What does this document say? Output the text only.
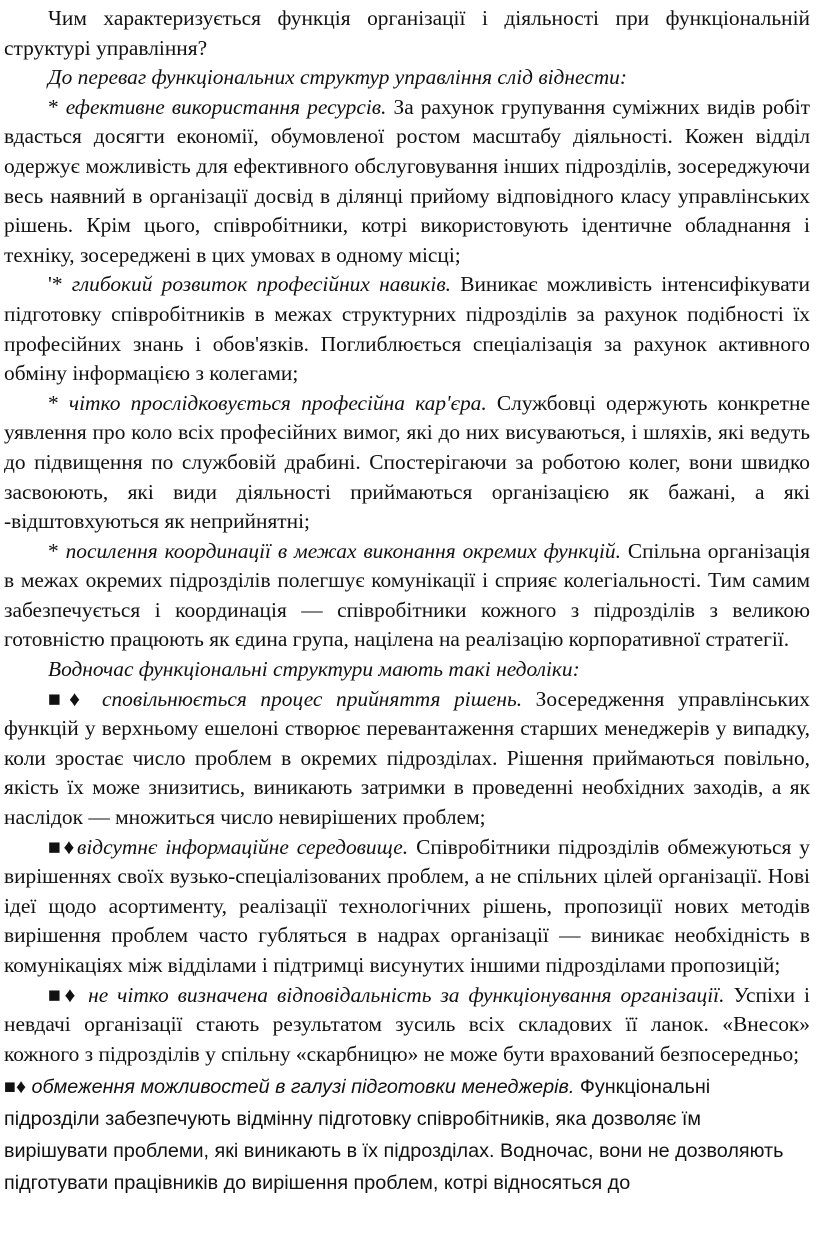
Чим характеризується функція організації і діяльності при функціональній структурі управління?

До переваг функціональних структур управління слід віднести:

* ефективне використання ресурсів. За рахунок групування суміжних видів робіт вдасться досягти економії, обумовленої ростом масштабу діяльності. Кожен відділ одержує можливість для ефективного обслуговування інших підрозділів, зосереджуючи весь наявний в організації досвід в ділянці прийому відповідного класу управлінських рішень. Крім цього, співробітники, котрі використовують ідентичне обладнання і техніку, зосереджені в цих умовах в одному місці;

'* глибокий розвиток професійних навиків. Виникає можливість інтенсифікувати підготовку співробітників в межах структурних підрозділів за рахунок подібності їх професійних знань і обов'язків. Поглиблюється спеціалізація за рахунок активного обміну інформацією з колегами;

* чітко прослідковується професійна кар'єра. Службовці одержують конкретне уявлення про коло всіх професійних вимог, які до них висуваються, і шляхів, які ведуть до підвищення по службовій драбині. Спостерігаючи за роботою колег, вони швидко засвоюють, які види діяльності приймаються організацією як бажані, а які -відштовхуються як неприйнятні;

* посилення координації в межах виконання окремих функцій. Спільна організація в межах окремих підрозділів полегшує комунікації і сприяє колегіальності. Тим самим забезпечується і координація — співробітники кожного з підрозділів з великою готовністю працюють як єдина група, націлена на реалізацію корпоративної стратегії.

Водночас функціональні структури мають такі недоліки:

■♦ сповільнюється процес прийняття рішень. Зосередження управлінських функцій у верхньому ешелоні створює перевантаження старших менеджерів у випадку, коли зростає число проблем в окремих підрозділах. Рішення приймаються повільно, якість їх може знизитись, виникають затримки в проведенні необхідних заходів, а як наслідок — множиться число невирішених проблем;

■♦відсутнє інформаційне середовище. Співробітники підрозділів обмежуються у вирішеннях своїх вузько-спеціалізованих проблем, а не спільних цілей організації. Нові ідеї щодо асортименту, реалізації технологічних рішень, пропозиції нових методів вирішення проблем часто губляться в надрах організації — виникає необхідність в комунікаціях між відділами і підтримці висунутих іншими підрозділами пропозицій;

■♦ не чітко визначена відповідальність за функціонування організації. Успіхи і невдачі організації стають результатом зусиль всіх складових її ланок. «Внесок» кожного з підрозділів у спільну «скарбницю» не може бути врахований безпосередньо;

■♦ обмеження можливостей в галузі підготовки менеджерів. Функціональні підрозділи забезпечують відмінну підготовку співробітників, яка дозволяє їм вирішувати проблеми, які виникають в їх підрозділах. Водночас, вони не дозволяють підготувати працівників до вирішення проблем, котрі відносяться до
